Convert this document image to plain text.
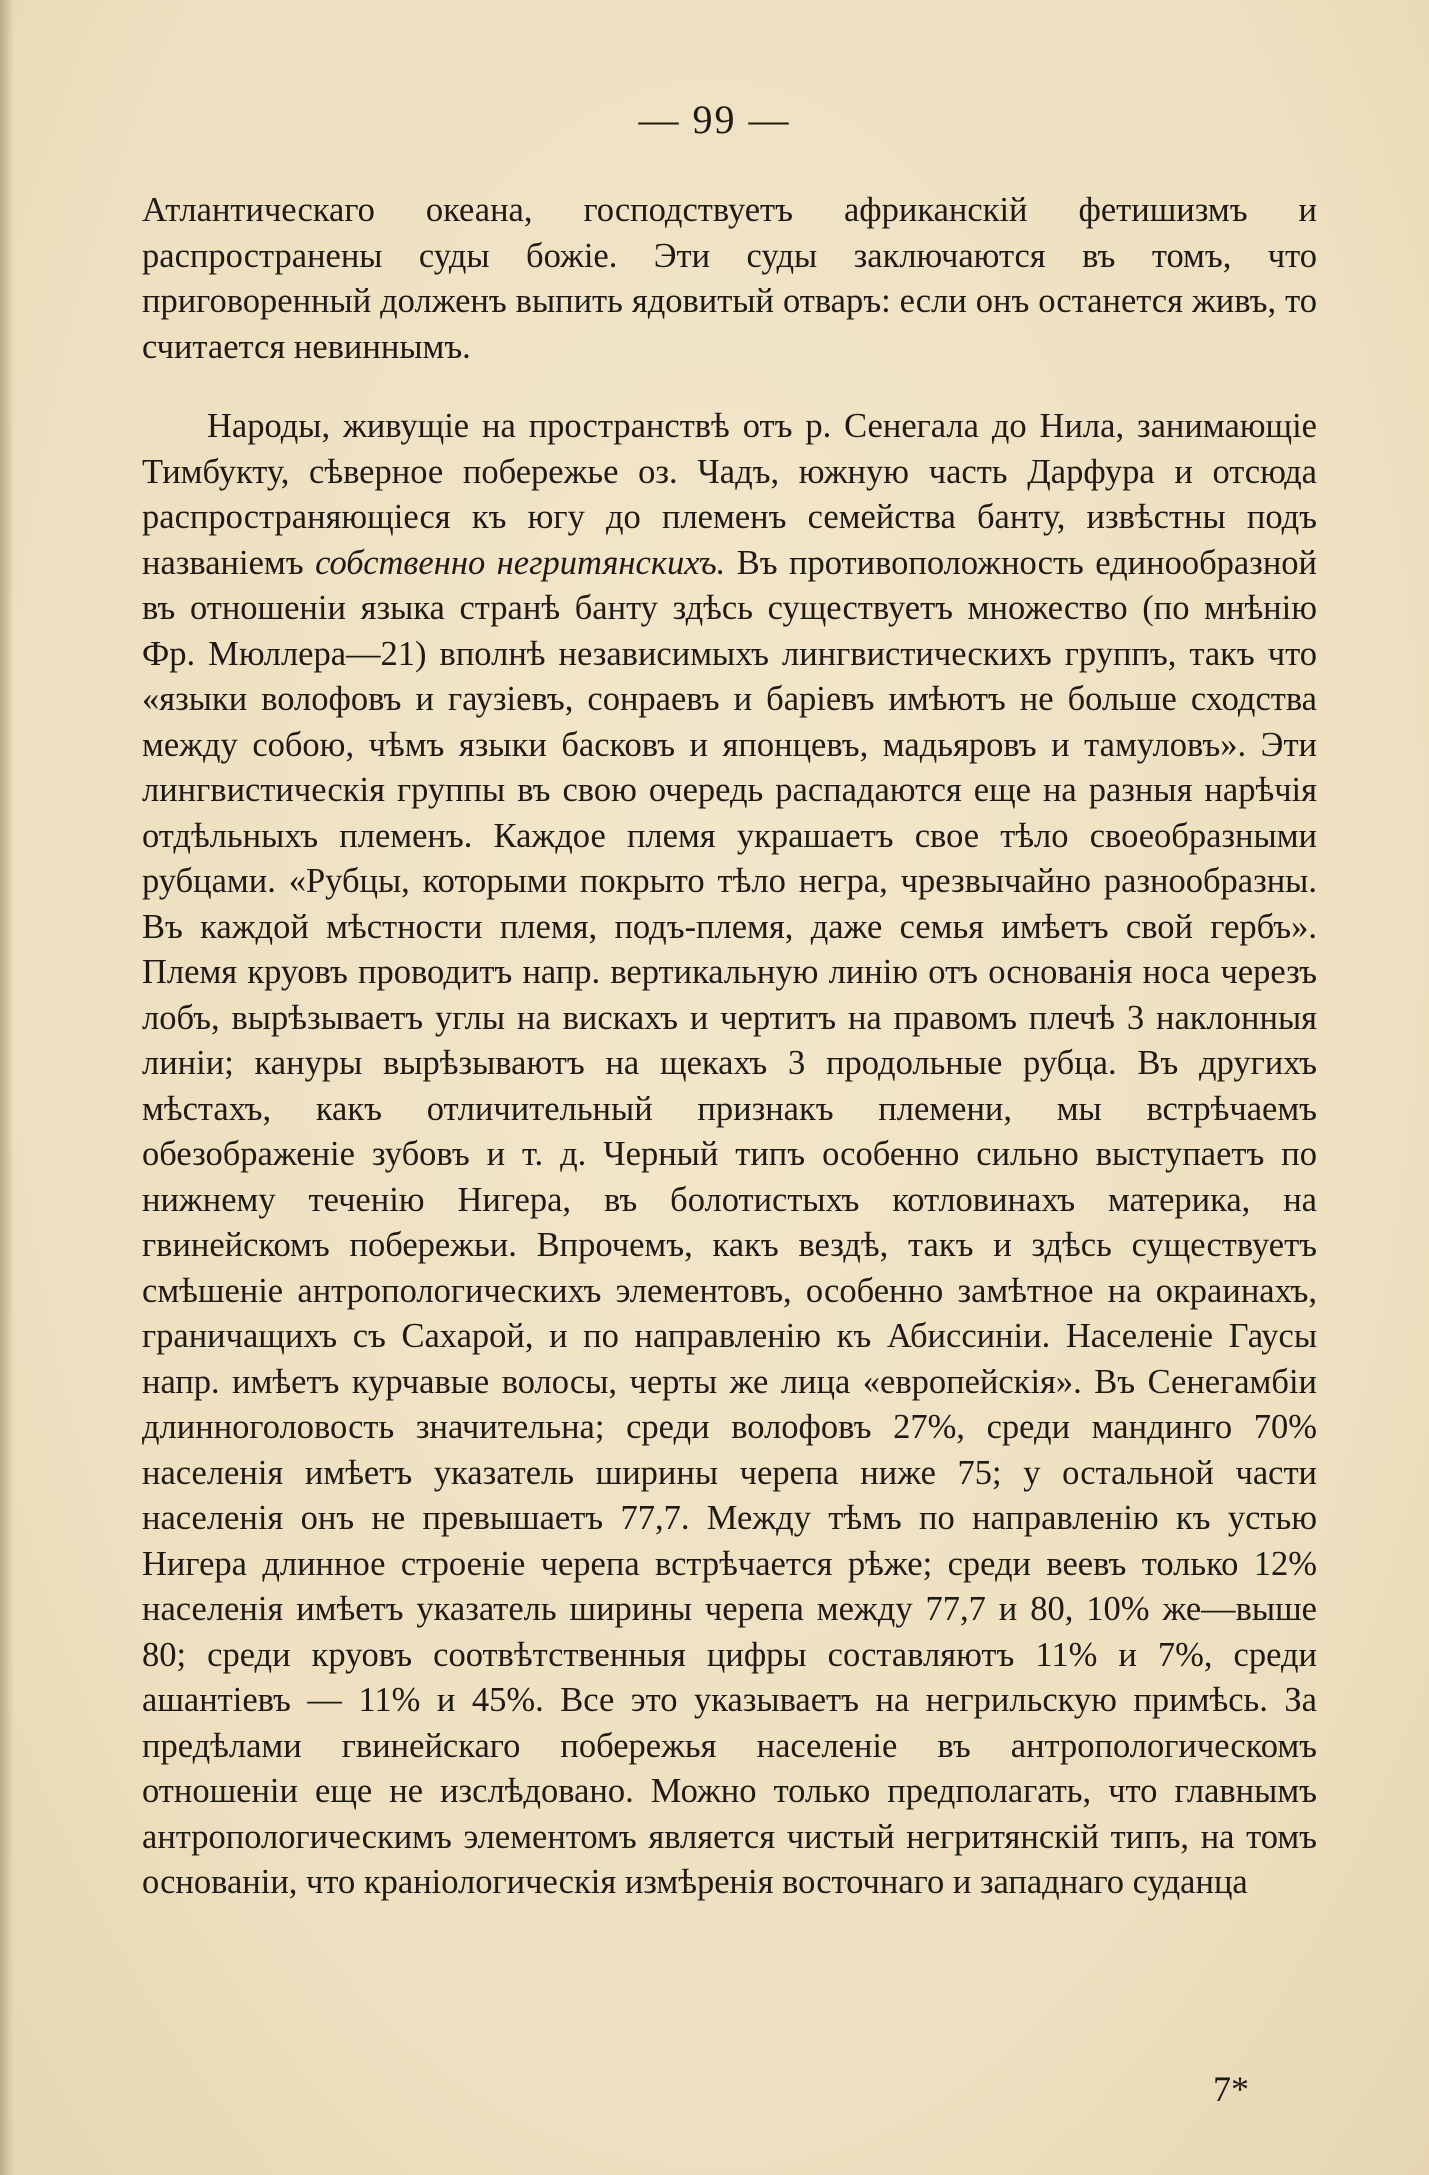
— 99 —

Атлантическаго океана, господствуетъ африканскій фетишизмъ и распространены суды божіе. Эти суды заключаются въ томъ, что приговоренный долженъ выпить ядовитый отваръ: если онъ останется живъ, то считается невиннымъ.

Народы, живущіе на пространствѣ отъ р. Сенегала до Нила, занимающіе Тимбукту, сѣверное побережье оз. Чадъ, южную часть Дарфура и отсюда распространяющіеся къ югу до племенъ семейства банту, извѣстны подъ названіемъ собственно негритянскихъ. Въ противоположность единообразной въ отношеніи языка странѣ банту здѣсь существуетъ множество (по мнѣнію Фр. Мюллера—21) вполнѣ независимыхъ лингвистическихъ группъ, такъ что «языки волофовъ и гаузіевъ, сонраевъ и баріевъ имѣютъ не больше сходства между собою, чѣмъ языки басковъ и японцевъ, мадьяровъ и тамуловъ». Эти лингвистическія группы въ свою очередь распадаются еще на разныя нарѣчія отдѣльныхъ племенъ. Каждое племя украшаетъ свое тѣло своеобразными рубцами. «Рубцы, которыми покрыто тѣло негра, чрезвычайно разнообразны. Въ каждой мѣстности племя, подъ-племя, даже семья имѣетъ свой гербъ». Племя круовъ проводитъ напр. вертикальную линію отъ основанія носа черезъ лобъ, вырѣзываетъ углы на вискахъ и чертитъ на правомъ плечѣ 3 наклонныя линіи; кануры вырѣзываютъ на щекахъ 3 продольные рубца. Въ другихъ мѣстахъ, какъ отличительный признакъ племени, мы встрѣчаемъ обезображеніе зубовъ и т. д. Черный типъ особенно сильно выступаетъ по нижнему теченію Нигера, въ болотистыхъ котловинахъ материка, на гвинейскомъ побережьи. Впрочемъ, какъ вездѣ, такъ и здѣсь существуетъ смѣшеніе антропологическихъ элементовъ, особенно замѣтное на окраинахъ, граничащихъ съ Сахарой, и по направленію къ Абиссиніи. Населеніе Гаусы напр. имѣетъ курчавые волосы, черты же лица «европейскія». Въ Сенегамбіи длинноголовость значительна; среди волофовъ 27%, среди мандинго 70% населенія имѣетъ указатель ширины черепа ниже 75; у остальной части населенія онъ не превышаетъ 77,7. Между тѣмъ по направленію къ устью Нигера длинное строеніе черепа встрѣчается рѣже; среди веевъ только 12% населенія имѣетъ указатель ширины черепа между 77,7 и 80, 10% же—выше 80; среди круовъ соотвѣтственныя цифры составляютъ 11% и 7%, среди ашантіевъ — 11% и 45%. Все это указываетъ на негрильскую примѣсь. За предѣлами гвинейскаго побережья населеніе въ антропологическомъ отношеніи еще не изслѣдовано. Можно только предполагать, что главнымъ антропологическимъ элементомъ является чистый негритянскій типъ, на томъ основаніи, что краніологическія измѣренія восточнаго и западнаго суданца

7*
